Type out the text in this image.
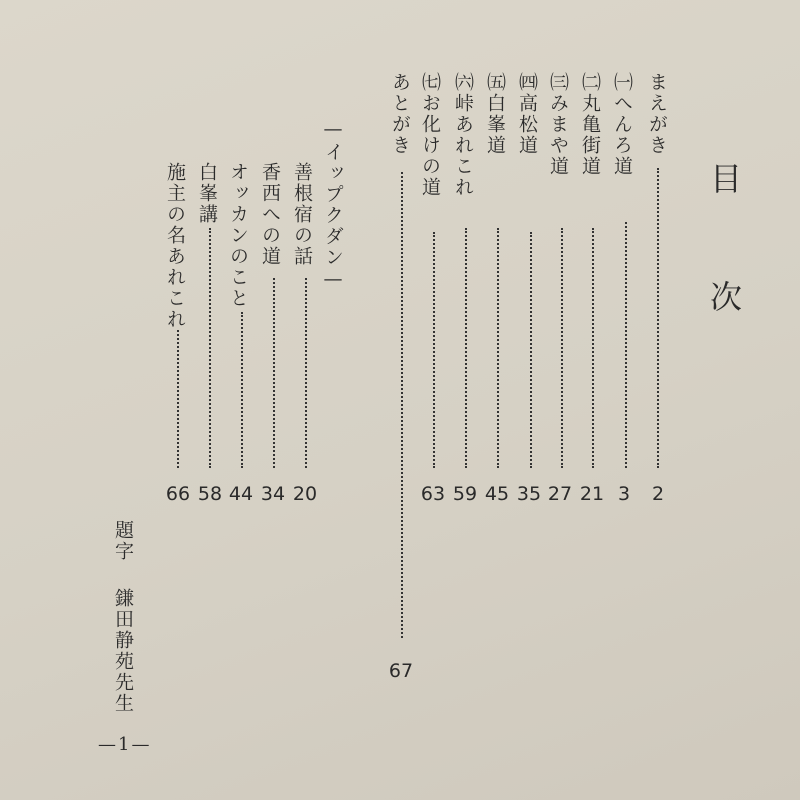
目
次
まえがき
2
㈠へんろ道
3
㈡丸亀街道
21
㈢みまや道
27
㈣高松道
35
㈤白峯道
45
㈥峠あれこれ
59
㈦お化けの道
63
あとがき
67
—イップクダン—
善根宿の話
20
香西への道
34
オッカンのこと
44
白峯講
58
施主の名あれこれ
66
題字
鎌田静苑先生
—1—
